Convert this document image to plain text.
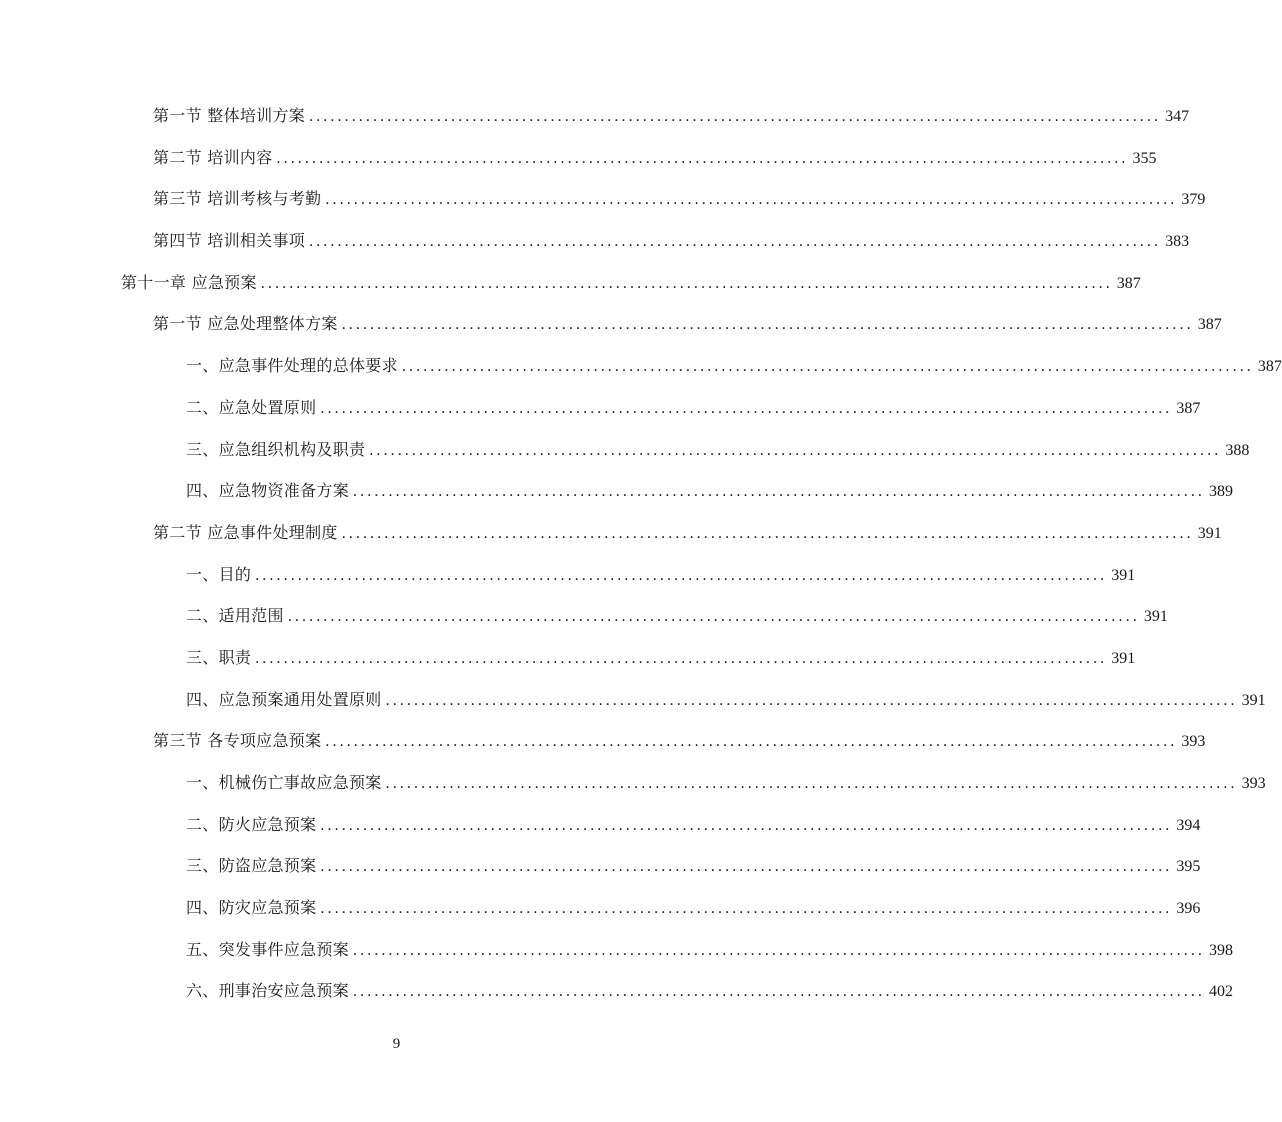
第一节 整体培训方案 ........................................................................................................................ 347
第二节 培训内容 ........................................................................................................................ 355
第三节 培训考核与考勤 ........................................................................................................................ 379
第四节 培训相关事项 ........................................................................................................................ 383
第十一章 应急预案 ........................................................................................................................ 387
第一节 应急处理整体方案 ........................................................................................................................ 387
一、应急事件处理的总体要求 ........................................................................................................................ 387
二、应急处置原则 ........................................................................................................................ 387
三、应急组织机构及职责 ........................................................................................................................ 388
四、应急物资准备方案 ........................................................................................................................ 389
第二节 应急事件处理制度 ........................................................................................................................ 391
一、目的 ........................................................................................................................ 391
二、适用范围 ........................................................................................................................ 391
三、职责 ........................................................................................................................ 391
四、应急预案通用处置原则 ........................................................................................................................ 391
第三节 各专项应急预案 ........................................................................................................................ 393
一、机械伤亡事故应急预案 ........................................................................................................................ 393
二、防火应急预案 ........................................................................................................................ 394
三、防盗应急预案 ........................................................................................................................ 395
四、防灾应急预案 ........................................................................................................................ 396
五、突发事件应急预案 ........................................................................................................................ 398
六、刑事治安应急预案 ........................................................................................................................ 402
9
